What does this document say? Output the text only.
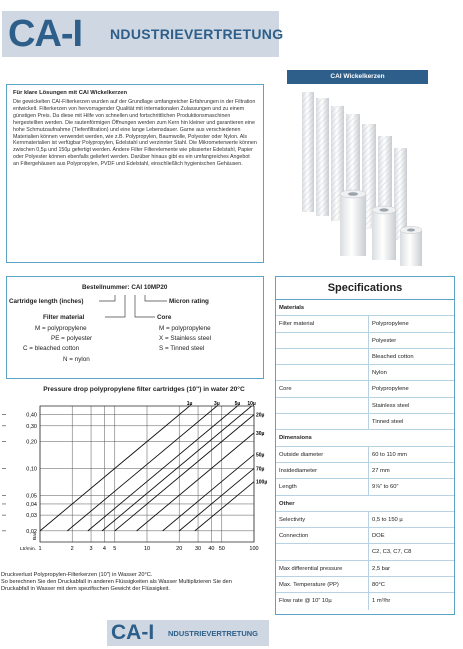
CA-I NDUSTRIEVERTRETUNG
Für klare Lösungen mit CAI Wickelkerzen
Die gewickelten CAI-Filterkerzen wurden auf der Grundlage umfangreicher Erfahrungen in der Filtration entwickelt. Filterkerzen von hervorragender Qualität mit internationalen Zulassungen und zu einem günstigen Preis. Da diese mit Hilfe von schnellen und fortschrittlichen Produktionsmaschinen hergestellten werden. Die rautenförmigen Öffnungen werden zum Kern hin kleiner und garantieren eine hohe Schmutzaufnahme (Tiefenfiltration) und eine lange Lebensdauer. Garne aus verschiedenen Materialien können verwendet werden, wie z.B. Polypropylen, Baumwolle, Polyester oder Nylon. Als Kernmaterialien ist verfügbar Polypropylen, Edelstahl und verzinnter Stahl. Die Mikrometerwerte können zwischen 0,5µ und 150µ gefertigt werden. Andere Filter Filterelemente wie plissierter Edelstahl, Papier oder Polyester können ebenfalls geliefert werden. Darüber hinaus gibt es ein umfangreiches Angebot an Filtergehäusen aus Polypropylen, PVDF und Edelstahl, einschließlich hygienischen Gehäusen.
CAI Wickelkerzen
Bestellnummer: CAI 10MP20
Cartridge length (inches)	Micron rating
Filter material	Core
M = polypropylene
PE = polyester
C = bleached cotton
N = nylon
M = polypropylene
X = Stainless steel
S = Tinned steel
Specifications
Materials
Filter material	Polypropylene
Polyester
Bleached cotton
Nylon
Core	Polypropylene
Stainless steel
Tinned steel
Dimensions
Outside diameter	60 to 110 mm
Insidediameter	27 mm
Length	9⅞” to 60”
Other
Selectivity	0,5 to 150 µ
Connection	DOE
C2, C3, C7, C8
Max differential pressure	2,5 bar
Max. Temperature (PP)	80°C
Flow rate @ 10” 10µ	1 m³/hr
Pressure drop polypropylene filter cartridges (10") in water 20°C
1	2	3 4 5	10	20 30 40 50	100
0,40
0,30
0,20
0,10
0,05
0,04
0,03
0,02
Ltr/min.
Bar
1µ	3µ	5µ 10µ
20µ
30µ
50µ
70µ
100µ
Druckverlust Polypropylen-Filterkerzen (10") in Wasser 20°C.
So berechnen Sie den Druckabfall in anderen Flüssigkeiten als Wasser Multiplizieren Sie den Druckabfall in Wasser mit dem spezifischen Gewicht der Flüssigkeit.
CA-I NDUSTRIEVERTRETUNG
